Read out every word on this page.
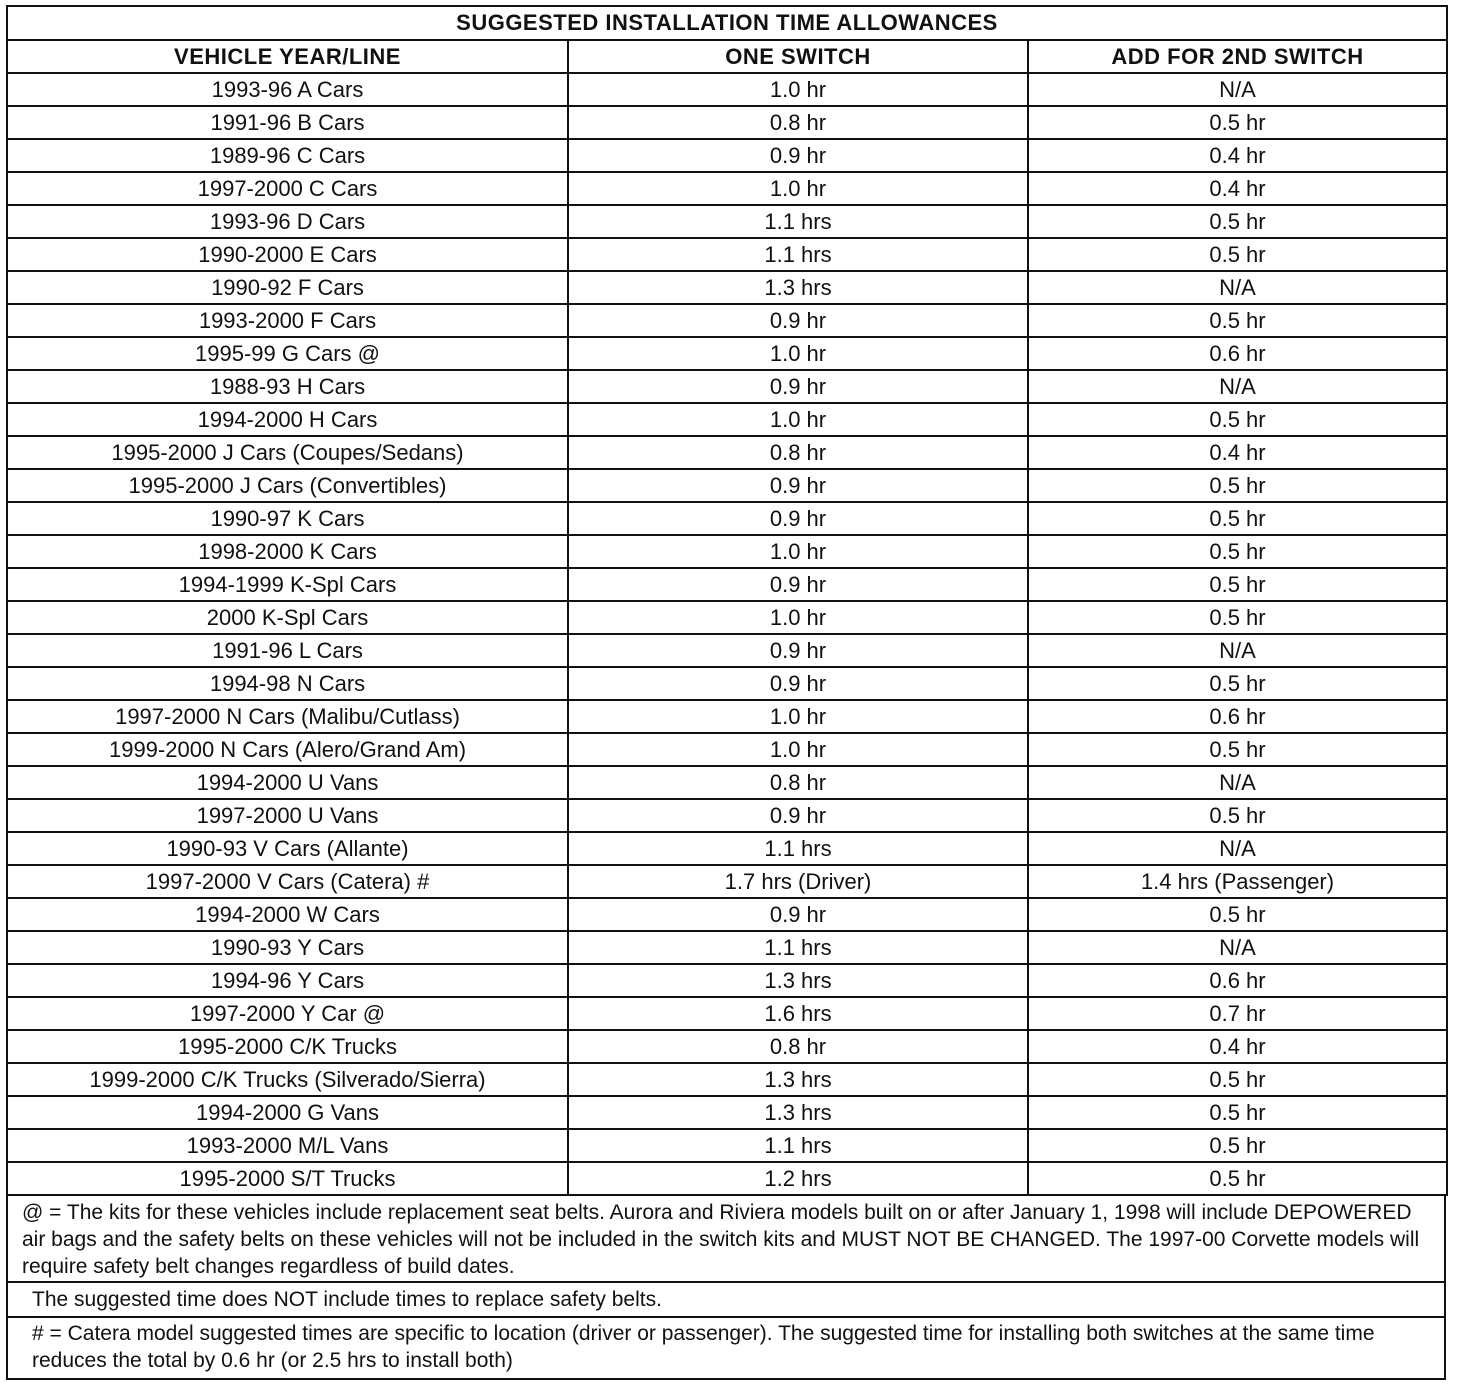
SUGGESTED INSTALLATION TIME ALLOWANCES		
VEHICLE YEAR/LINE	ONE SWITCH	ADD FOR 2ND SWITCH
1993-96 A Cars	1.0 hr	N/A
1991-96 B Cars	0.8 hr	0.5 hr
1989-96 C Cars	0.9 hr	0.4 hr
1997-2000 C Cars	1.0 hr	0.4 hr
1993-96 D Cars	1.1 hrs	0.5 hr
1990-2000 E Cars	1.1 hrs	0.5 hr
1990-92 F Cars	1.3 hrs	N/A
1993-2000 F Cars	0.9 hr	0.5 hr
1995-99 G Cars @	1.0 hr	0.6 hr
1988-93 H Cars	0.9 hr	N/A
1994-2000 H Cars	1.0 hr	0.5 hr
1995-2000 J Cars (Coupes/Sedans)	0.8 hr	0.4 hr
1995-2000 J Cars (Convertibles)	0.9 hr	0.5 hr
1990-97 K Cars	0.9 hr	0.5 hr
1998-2000 K Cars	1.0 hr	0.5 hr
1994-1999 K-Spl Cars	0.9 hr	0.5 hr
2000 K-Spl Cars	1.0 hr	0.5 hr
1991-96 L Cars	0.9 hr	N/A
1994-98 N Cars	0.9 hr	0.5 hr
1997-2000 N Cars (Malibu/Cutlass)	1.0 hr	0.6 hr
1999-2000 N Cars (Alero/Grand Am)	1.0 hr	0.5 hr
1994-2000 U Vans	0.8 hr	N/A
1997-2000 U Vans	0.9 hr	0.5 hr
1990-93 V Cars (Allante)	1.1 hrs	N/A
1997-2000 V Cars (Catera) #	1.7 hrs (Driver)	1.4 hrs (Passenger)
1994-2000 W Cars	0.9 hr	0.5 hr
1990-93 Y Cars	1.1 hrs	N/A
1994-96 Y Cars	1.3 hrs	0.6 hr
1997-2000 Y Car @	1.6 hrs	0.7 hr
1995-2000 C/K Trucks	0.8 hr	0.4 hr
1999-2000 C/K Trucks (Silverado/Sierra)	1.3 hrs	0.5 hr
1994-2000 G Vans	1.3 hrs	0.5 hr
1993-2000 M/L Vans	1.1 hrs	0.5 hr
1995-2000 S/T Trucks	1.2 hrs	0.5 hr
@ = The kits for these vehicles include replacement seat belts. Aurora and Riviera models built on or after January 1, 1998 will include DEPOWERED air bags and the safety belts on these vehicles will not be included in the switch kits and MUST NOT BE CHANGED. The 1997-00 Corvette models will require safety belt changes regardless of build dates.
The suggested time does NOT include times to replace safety belts.
# = Catera model suggested times are specific to location (driver or passenger). The suggested time for installing both switches at the same time reduces the total by 0.6 hr (or 2.5 hrs to install both)
